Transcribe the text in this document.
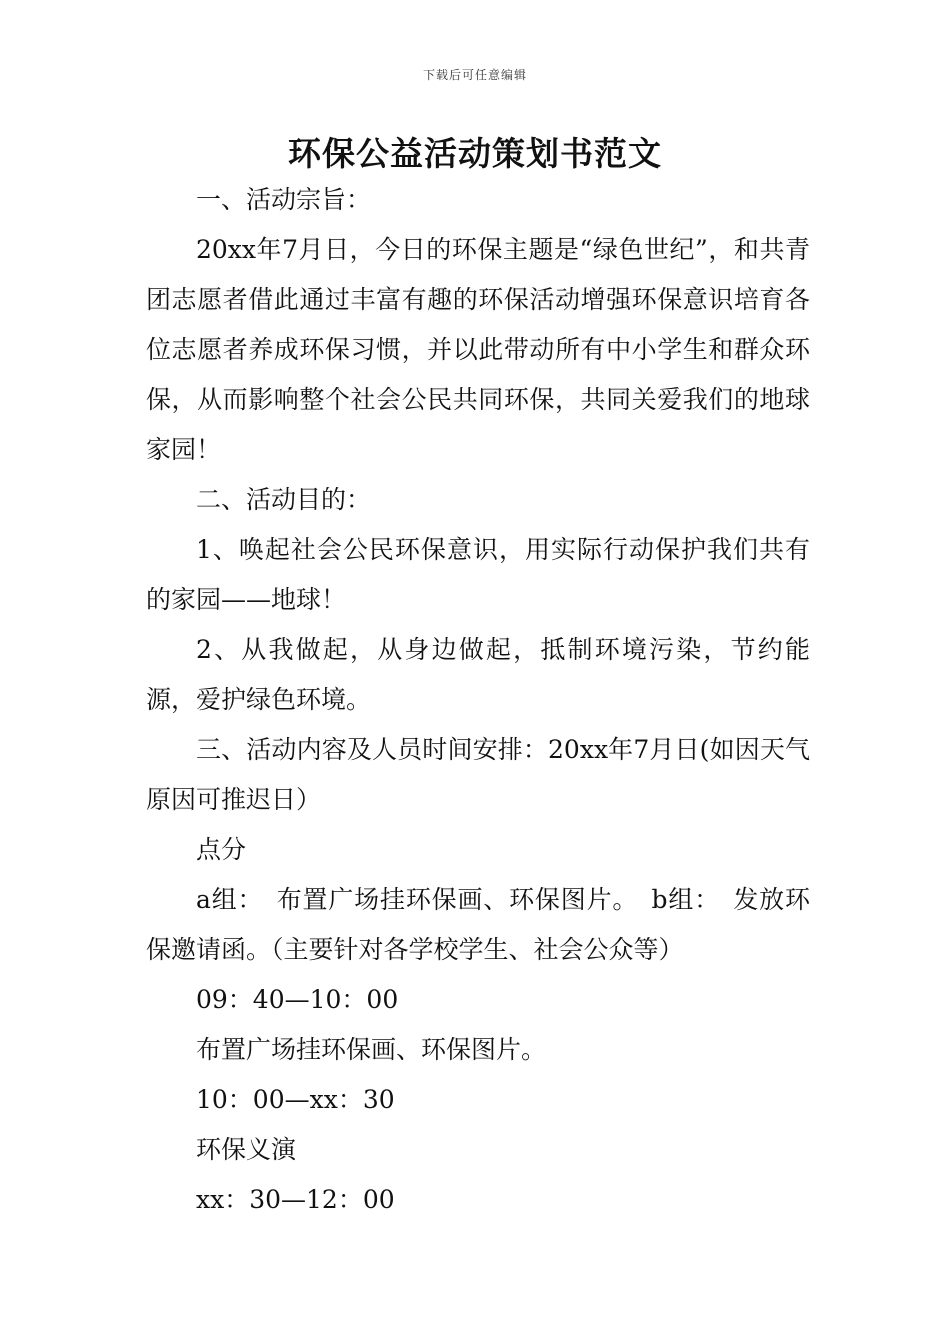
下载后可任意编辑
环保公益活动策划书范文

一、活动宗旨：

20xx年7月日，今日的环保主题是“绿色世纪”，和共青团志愿者借此通过丰富有趣的环保活动增强环保意识培育各位志愿者养成环保习惯，并以此带动所有中小学生和群众环保，从而影响整个社会公民共同环保，共同关爱我们的地球家园！

二、活动目的：

1、唤起社会公民环保意识，用实际行动保护我们共有的家园——地球！

2、从我做起，从身边做起，抵制环境污染，节约能源，爱护绿色环境。

三、活动内容及人员时间安排：20xx年7月日(如因天气原因可推迟日）

点分

a组：　布置广场挂环保画、环保图片。　b组：　发放环保邀请函。（主要针对各学校学生、社会公众等）

09：40—10：00

布置广场挂环保画、环保图片。

10：00—xx：30

环保义演

xx：30—12：00
